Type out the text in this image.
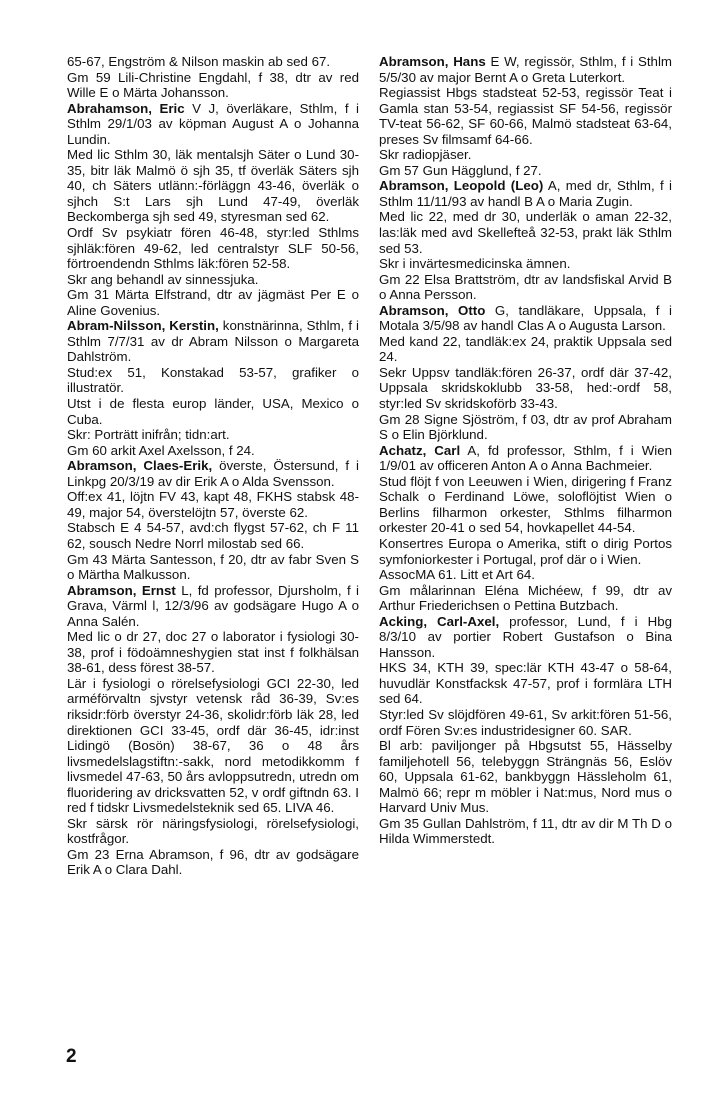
65-67, Engström & Nilson maskin ab sed 67.

Gm 59 Lili-Christine Engdahl, f 38, dtr av red Wille E o Märta Johansson.

Abrahamson, Eric V J, överläkare, Sthlm, f i Sthlm 29/1/03 av köpman August A o Johanna Lundin.

Med lic Sthlm 30, läk mentalsjh Säter o Lund 30-35, bitr läk Malmö ö sjh 35, tf överläk Säters sjh 40, ch Säters utlänn:-förläggn 43-46, överläk o sjhch S:t Lars sjh Lund 47-49, överläk Beckomberga sjh sed 49, styresman sed 62.

Ordf Sv psykiatr fören 46-48, styr:led Sthlms sjhläk:fören 49-62, led centralstyr SLF 50-56, förtroendendn Sthlms läk:fören 52-58.

Skr ang behandl av sinnessjuka.

Gm 31 Märta Elfstrand, dtr av jägmäst Per E o Aline Govenius.

Abram-Nilsson, Kerstin, konstnärinna, Sthlm, f i Sthlm 7/7/31 av dr Abram Nilsson o Margareta Dahlström.

Stud:ex 51, Konstakad 53-57, grafiker o illustratör.

Utst i de flesta europ länder, USA, Mexico o Cuba.

Skr: Porträtt inifrån; tidn:art.

Gm 60 arkit Axel Axelsson, f 24.

Abramson, Claes-Erik, överste, Östersund, f i Linkpg 20/3/19 av dir Erik A o Alda Svensson.

Off:ex 41, löjtn FV 43, kapt 48, FKHS stabsk 48-49, major 54, överstelöjtn 57, överste 62.

Stabsch E 4 54-57, avd:ch flygst 57-62, ch F 11 62, sousch Nedre Norrl milostab sed 66.

Gm 43 Märta Santesson, f 20, dtr av fabr Sven S o Märtha Malkusson.

Abramson, Ernst L, fd professor, Djursholm, f i Grava, Värml l, 12/3/96 av godsägare Hugo A o Anna Salén.

Med lic o dr 27, doc 27 o laborator i fysiologi 30-38, prof i födoämneshygien stat inst f folkhälsan 38-61, dess förest 38-57.

Lär i fysiologi o rörelsefysiologi GCI 22-30, led arméförvaltn sjvstyr vetensk råd 36-39, Sv:es riksidr:förb överstyr 24-36, skolidr:förb läk 28, led direktionen GCI 33-45, ordf där 36-45, idr:inst Lidingö (Bosön) 38-67, 36 o 48 års livsmedelslagstiftn:-sakk, nord metodikkomm f livsmedel 47-63, 50 års avloppsutredn, utredn om fluoridering av dricksvatten 52, v ordf giftndn 63. I red f tidskr Livsmedelsteknik sed 65. LIVA 46.

Skr särsk rör näringsfysiologi, rörelsefysiologi, kostfrågor.

Gm 23 Erna Abramson, f 96, dtr av godsägare Erik A o Clara Dahl.

Abramson, Hans E W, regissör, Sthlm, f i Sthlm 5/5/30 av major Bernt A o Greta Luterkort.

Regiassist Hbgs stadsteat 52-53, regissör Teat i Gamla stan 53-54, regiassist SF 54-56, regissör TV-teat 56-62, SF 60-66, Malmö stadsteat 63-64, preses Sv filmsamf 64-66.

Skr radiopjäser.

Gm 57 Gun Hägglund, f 27.

Abramson, Leopold (Leo) A, med dr, Sthlm, f i Sthlm 11/11/93 av handl B A o Maria Zugin.

Med lic 22, med dr 30, underläk o aman 22-32, las:läk med avd Skellefteå 32-53, prakt läk Sthlm sed 53.

Skr i invärtesmedicinska ämnen.

Gm 22 Elsa Brattström, dtr av landsfiskal Arvid B o Anna Persson.

Abramson, Otto G, tandläkare, Uppsala, f i Motala 3/5/98 av handl Clas A o Augusta Larson.

Med kand 22, tandläk:ex 24, praktik Uppsala sed 24.

Sekr Uppsv tandläk:fören 26-37, ordf där 37-42, Uppsala skridskoklubb 33-58, hed:-ordf 58, styr:led Sv skridskoförb 33-43.

Gm 28 Signe Sjöström, f 03, dtr av prof Abraham S o Elin Björklund.

Achatz, Carl A, fd professor, Sthlm, f i Wien 1/9/01 av officeren Anton A o Anna Bachmeier.

Stud flöjt f von Leeuwen i Wien, dirigering f Franz Schalk o Ferdinand Löwe, soloflöjtist Wien o Berlins filharmon orkester, Sthlms filharmon orkester 20-41 o sed 54, hovkapellet 44-54.

Konsertres Europa o Amerika, stift o dirig Portos symfoniorkester i Portugal, prof där o i Wien.

AssocMA 61. Litt et Art 64.

Gm målarinnan Eléna Michéew, f 99, dtr av Arthur Friederichsen o Pettina Butzbach.

Acking, Carl-Axel, professor, Lund, f i Hbg 8/3/10 av portier Robert Gustafson o Bina Hansson.

HKS 34, KTH 39, spec:lär KTH 43-47 o 58-64, huvudlär Konstfacksk 47-57, prof i formlära LTH sed 64.

Styr:led Sv slöjdfören 49-61, Sv arkit:fören 51-56, ordf Fören Sv:es industridesigner 60. SAR.

Bl arb: paviljonger på Hbgsutst 55, Hässelby familjehotell 56, telebyggn Strängnäs 56, Eslöv 60, Uppsala 61-62, bankbyggn Hässleholm 61, Malmö 66; repr m möbler i Nat:mus, Nord mus o Harvard Univ Mus.

Gm 35 Gullan Dahlström, f 11, dtr av dir M Th D o Hilda Wimmerstedt.

2
